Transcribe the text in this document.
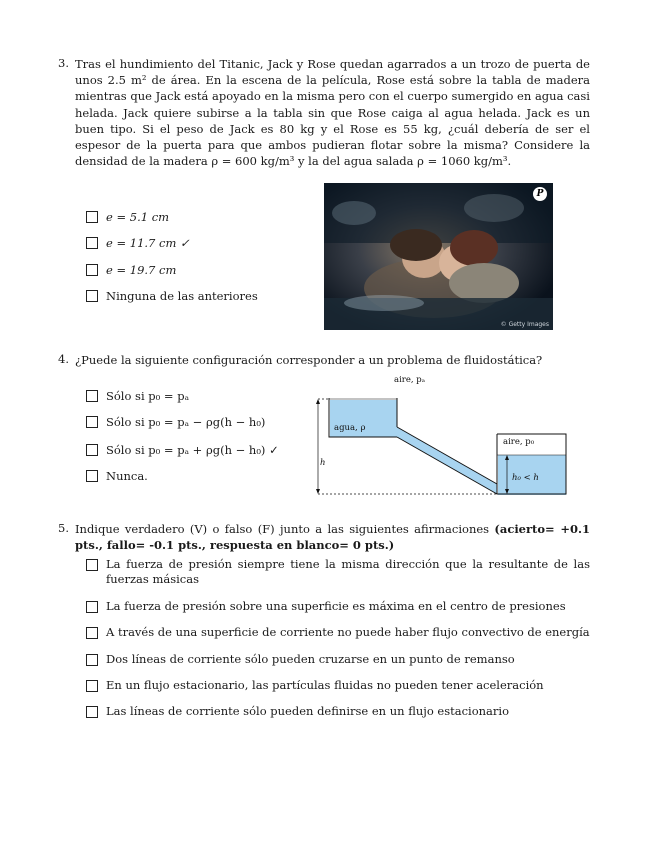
3. Tras el hundimiento del Titanic, Jack y Rose quedan agarrados a un trozo de puerta de unos 2.5 m² de área. En la escena de la película, Rose está sobre la tabla de madera mientras que Jack está apoyado en la misma pero con el cuerpo sumergido en agua casi helada. Jack quiere subirse a la tabla sin que Rose caiga al agua helada. Jack es un buen tipo. Si el peso de Jack es 80 kg y el Rose es 55 kg, ¿cuál debería de ser el espesor de la puerta para que ambos pudieran flotar sobre la misma? Considere la densidad de la madera ρ = 600 kg/m³ y la del agua salada ρ = 1060 kg/m³.
e = 5.1 cm
e = 11.7 cm ✓
e = 19.7 cm
Ninguna de las anteriores
P
© Getty Images
4. ¿Puede la siguiente configuración corresponder a un problema de fluidostática?
Sólo si p₀ = pₐ
Sólo si p₀ = pₐ − ρg(h − h₀)
Sólo si p₀ = pₐ + ρg(h − h₀) ✓
Nunca.
aire, pₐ
agua, ρ
aire, p₀
h
h₀ < h
5. Indique verdadero (V) o falso (F) junto a las siguientes afirmaciones (acierto= +0.1 pts., fallo= -0.1 pts., respuesta en blanco= 0 pts.)
La fuerza de presión siempre tiene la misma dirección que la resultante de las fuerzas másicas
La fuerza de presión sobre una superficie es máxima en el centro de presiones
A través de una superficie de corriente no puede haber flujo convectivo de energía
Dos líneas de corriente sólo pueden cruzarse en un punto de remanso
En un flujo estacionario, las partículas fluidas no pueden tener aceleración
Las líneas de corriente sólo pueden definirse en un flujo estacionario
